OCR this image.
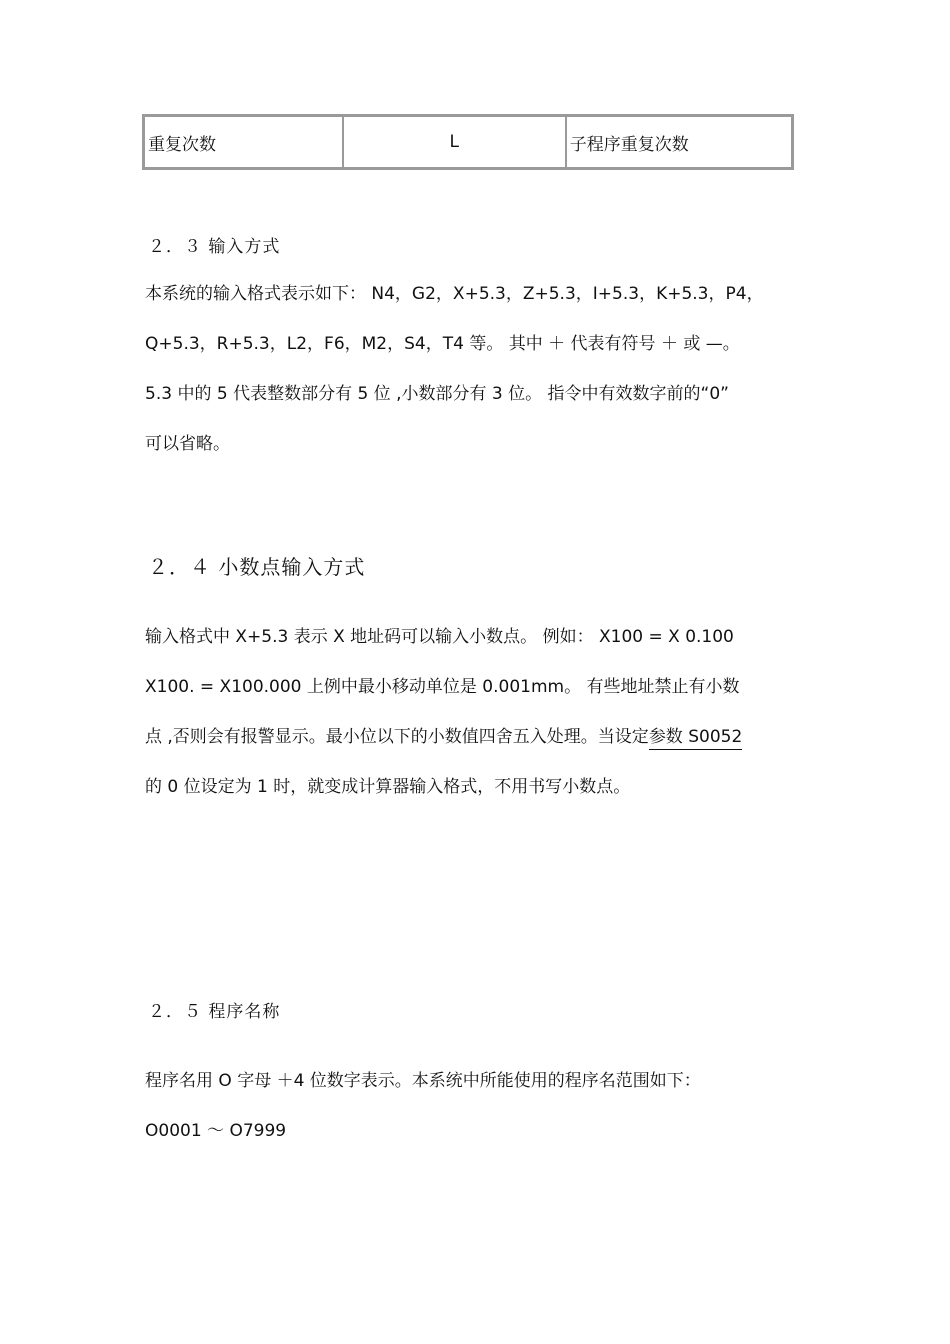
重复次数	L	子程序重复次数
２．３ 输入方式
本系统的输入格式表示如下： N4，G2，X+5.3，Z+5.3，I+5.3，K+5.3，P4，
Q+5.3，R+5.3，L2，F6，M2，S4，T4 等。 其中 ＋ 代表有符号 ＋ 或 —。
5.3 中的 5 代表整数部分有 5 位 ,小数部分有 3 位。 指令中有效数字前的“0”
可以省略。
２．４ 小数点输入方式
输入格式中 X+5.3 表示 X 地址码可以输入小数点。 例如： X100 = X 0.100
X100. = X100.000 上例中最小移动单位是 0.001mm。 有些地址禁止有小数
点 ,否则会有报警显示。最小位以下的小数值四舍五入处理。当设定参数 S0052
的 0 位设定为 1 时，就变成计算器输入格式，不用书写小数点。
２．５ 程序名称
程序名用 O 字母 ＋4 位数字表示。本系统中所能使用的程序名范围如下：
O0001 ～ O7999
